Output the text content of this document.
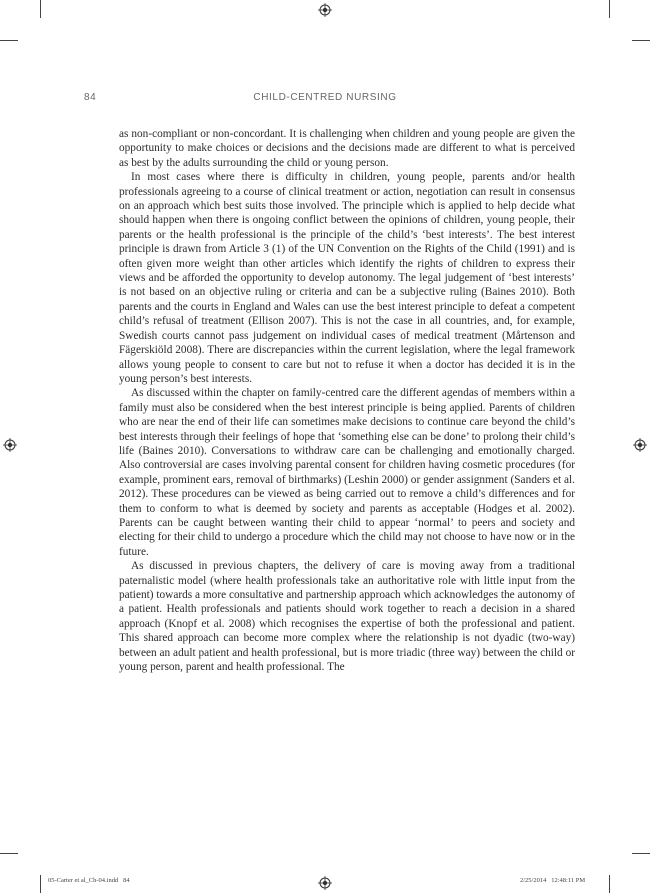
84	CHILD-CENTRED NURSING

as non-compliant or non-concordant. It is challenging when children and young people are given the opportunity to make choices or decisions and the decisions made are different to what is perceived as best by the adults surrounding the child or young person.

In most cases where there is difficulty in children, young people, parents and/or health professionals agreeing to a course of clinical treatment or action, negotiation can result in consensus on an approach which best suits those involved. The principle which is applied to help decide what should happen when there is ongoing conflict between the opinions of children, young people, their parents or the health professional is the principle of the child’s ‘best interests’. The best interest principle is drawn from Article 3 (1) of the UN Convention on the Rights of the Child (1991) and is often given more weight than other articles which identify the rights of children to express their views and be afforded the opportunity to develop autonomy. The legal judgement of ‘best interests’ is not based on an objective ruling or criteria and can be a subjective ruling (Baines 2010). Both parents and the courts in England and Wales can use the best interest principle to defeat a competent child’s refusal of treatment (Ellison 2007). This is not the case in all countries, and, for example, Swedish courts cannot pass judgement on individual cases of medical treatment (Mårtenson and Fägerskiöld 2008). There are discrepancies within the current legislation, where the legal framework allows young people to consent to care but not to refuse it when a doctor has decided it is in the young person’s best interests.

As discussed within the chapter on family-centred care the different agendas of members within a family must also be considered when the best interest principle is being applied. Parents of children who are near the end of their life can sometimes make decisions to continue care beyond the child’s best interests through their feelings of hope that ‘something else can be done’ to prolong their child’s life (Baines 2010). Conversations to withdraw care can be challenging and emotionally charged. Also controversial are cases involving parental consent for children having cosmetic procedures (for example, prominent ears, removal of birthmarks) (Leshin 2000) or gender assignment (Sanders et al. 2012). These procedures can be viewed as being carried out to remove a child’s differences and for them to conform to what is deemed by society and parents as acceptable (Hodges et al. 2002). Parents can be caught between wanting their child to appear ‘normal’ to peers and society and electing for their child to undergo a procedure which the child may not choose to have now or in the future.

As discussed in previous chapters, the delivery of care is moving away from a traditional paternalistic model (where health professionals take an authoritative role with little input from the patient) towards a more consultative and partnership approach which acknowledges the autonomy of a patient. Health professionals and patients should work together to reach a decision in a shared approach (Knopf et al. 2008) which recognises the expertise of both the professional and patient. This shared approach can become more complex where the relationship is not dyadic (two-way) between an adult patient and health professional, but is more triadic (three way) between the child or young person, parent and health professional. The

05-Carter et al_Ch-04.indd   84	2/25/2014   12:48:11 PM
